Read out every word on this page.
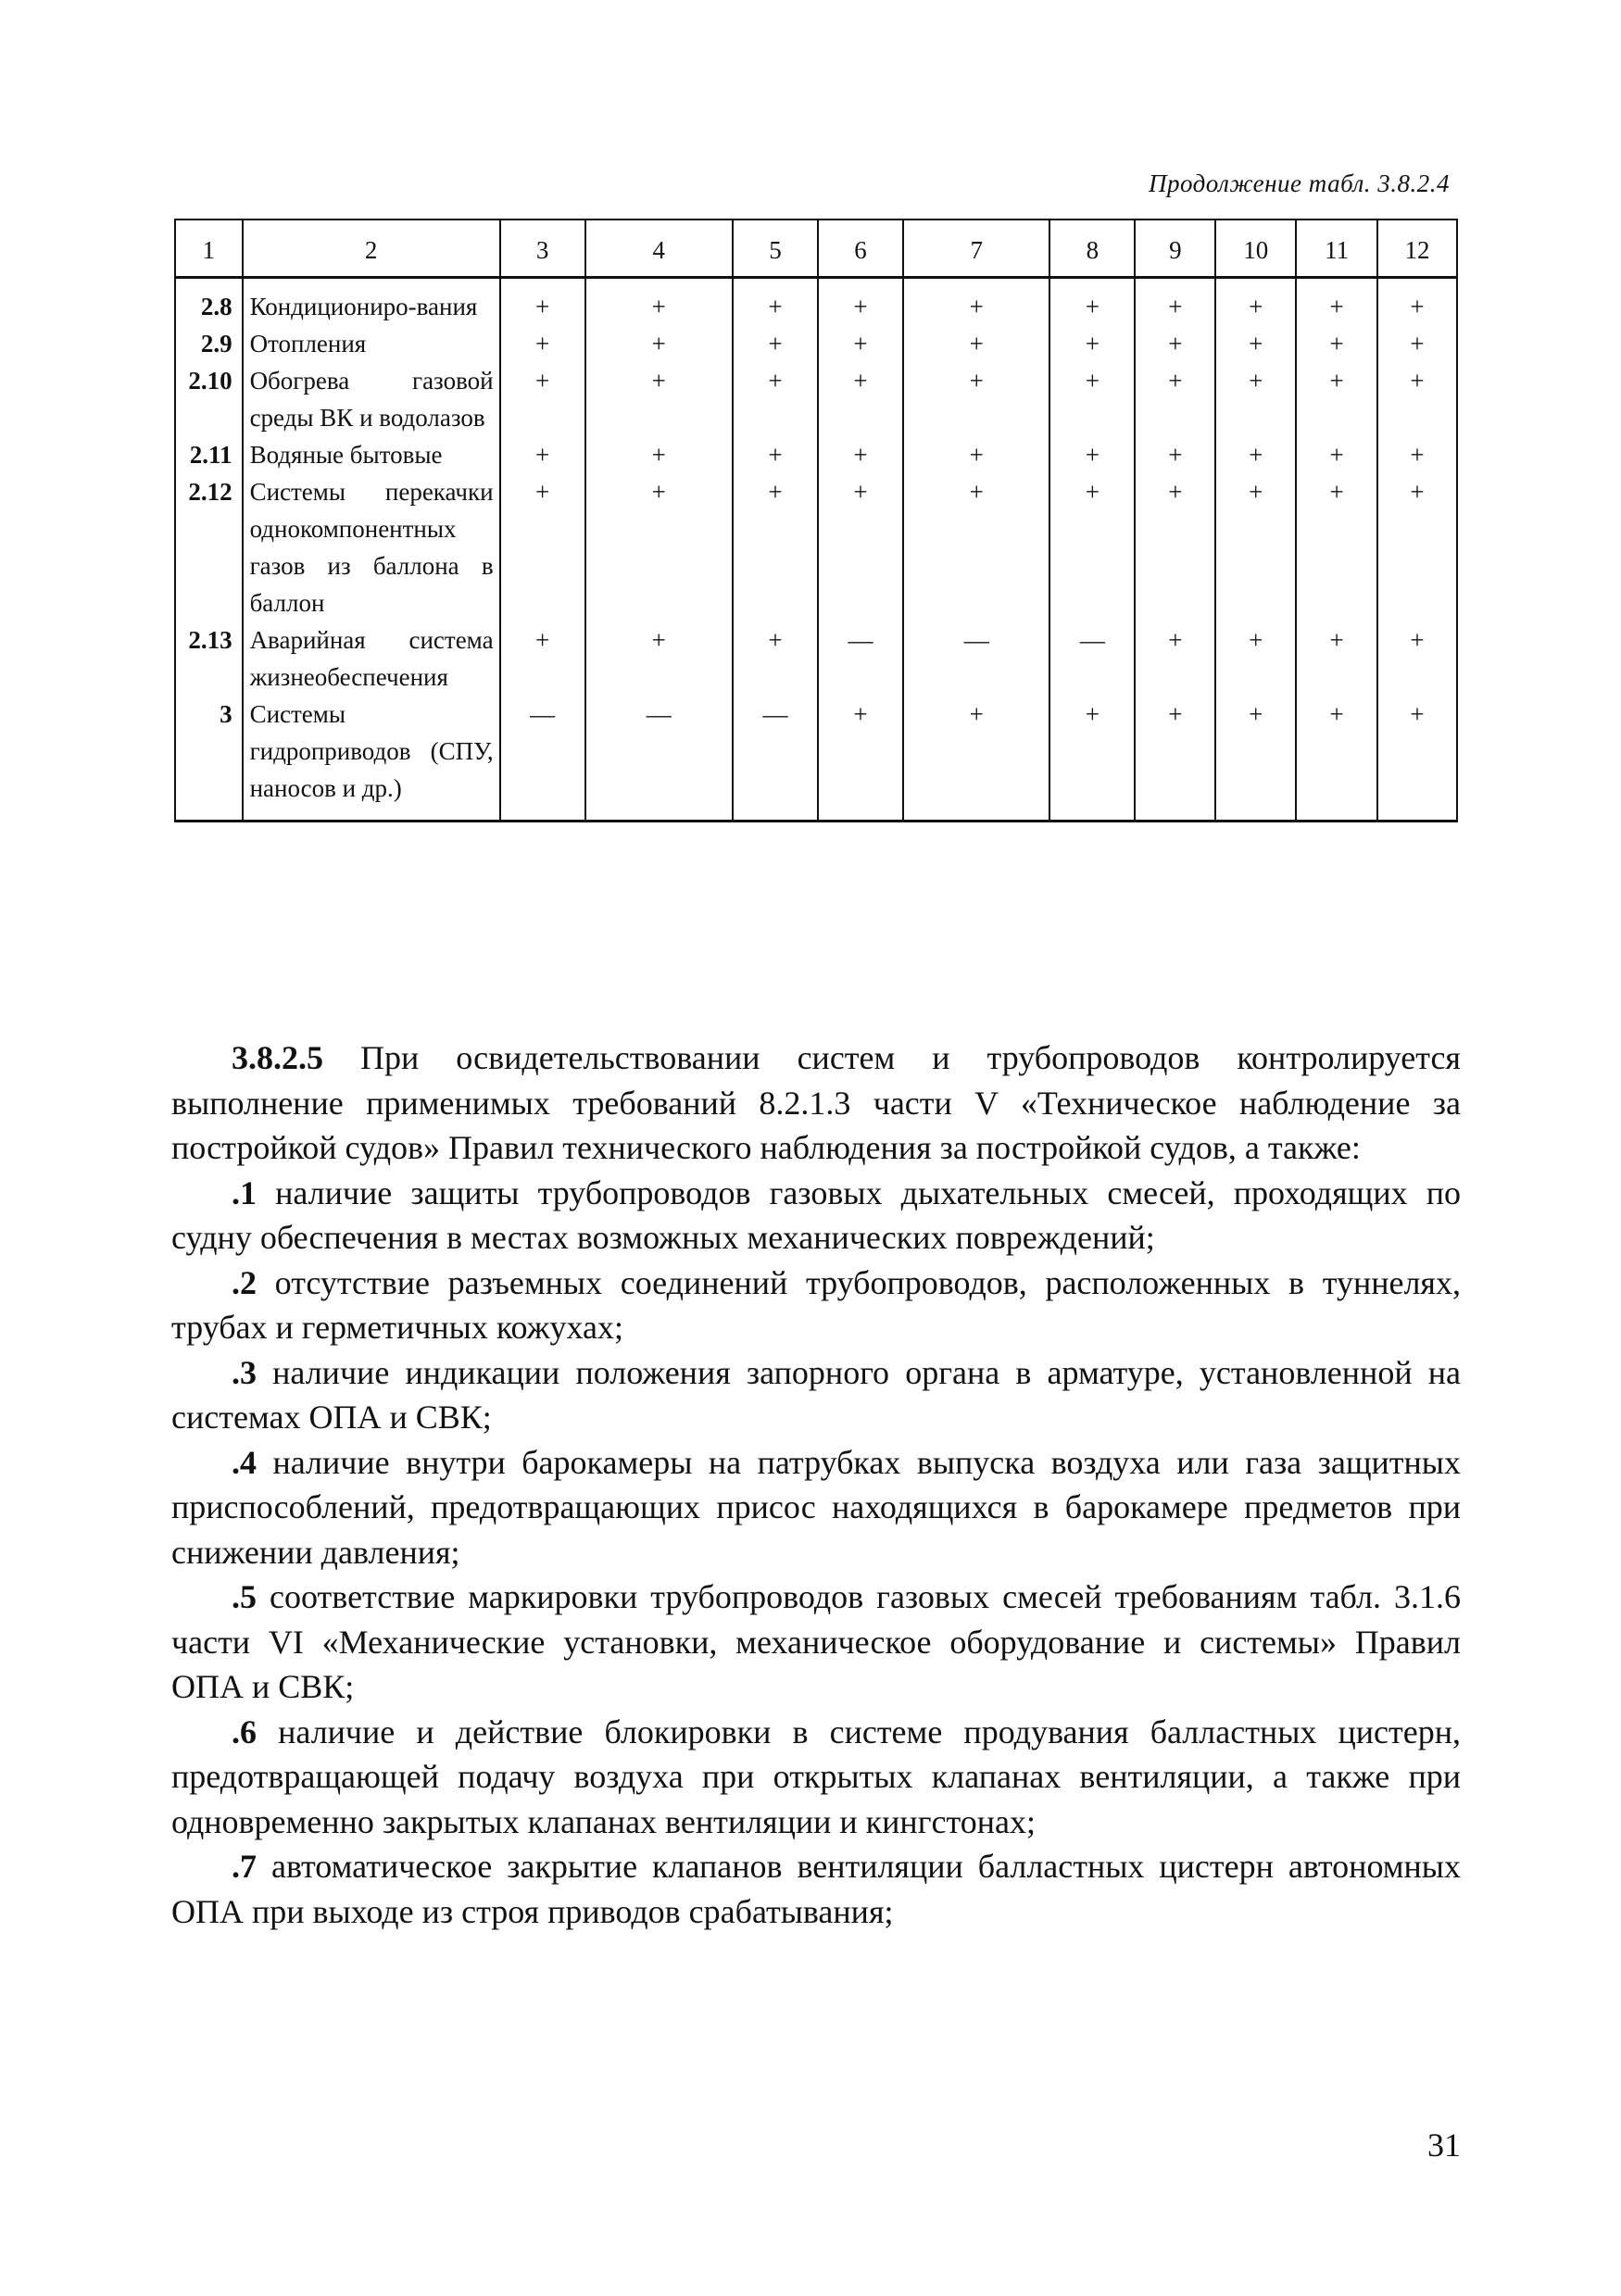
Продолжение табл. 3.8.2.4
1	2	3	4	5	6	7	8	9	10	11	12
2.8	Кондициониро-вания	+	+	+	+	+	+	+	+	+	+
2.9	Отопления	+	+	+	+	+	+	+	+	+	+
2.10	Обогрева газовой среды ВК и водолазов	+	+	+	+	+	+	+	+	+	+
2.11	Водяные бытовые	+	+	+	+	+	+	+	+	+	+
2.12	Системы перекачки однокомпонентных газов из баллона в баллон	+	+	+	+	+	+	+	+	+	+
2.13	Аварийная система жизнеобеспечения	+	+	+	—	—	—	+	+	+	+
3	Системы гидроприводов (СПУ, наносов и др.)	—	—	—	+	+	+	+	+	+	+

3.8.2.5 При освидетельствовании систем и трубопроводов контролируется выполнение применимых требований 8.2.1.3 части V «Техническое наблюдение за постройкой судов» Правил технического наблюдения за постройкой судов, а также:

.1 наличие защиты трубопроводов газовых дыхательных смесей, проходящих по судну обеспечения в местах возможных механических повреждений;

.2 отсутствие разъемных соединений трубопроводов, расположенных в туннелях, трубах и герметичных кожухах;

.3 наличие индикации положения запорного органа в арматуре, установленной на системах ОПА и СВК;

.4 наличие внутри барокамеры на патрубках выпуска воздуха или газа защитных приспособлений, предотвращающих присос находящихся в барокамере предметов при снижении давления;

.5 соответствие маркировки трубопроводов газовых смесей требованиям табл. 3.1.6 части VI «Механические установки, механическое оборудование и системы» Правил ОПА и СВК;

.6 наличие и действие блокировки в системе продувания балластных цистерн, предотвращающей подачу воздуха при открытых клапанах вентиляции, а также при одновременно закрытых клапанах вентиляции и кингстонах;

.7 автоматическое закрытие клапанов вентиляции балластных цистерн автономных ОПА при выходе из строя приводов срабатывания;

31
